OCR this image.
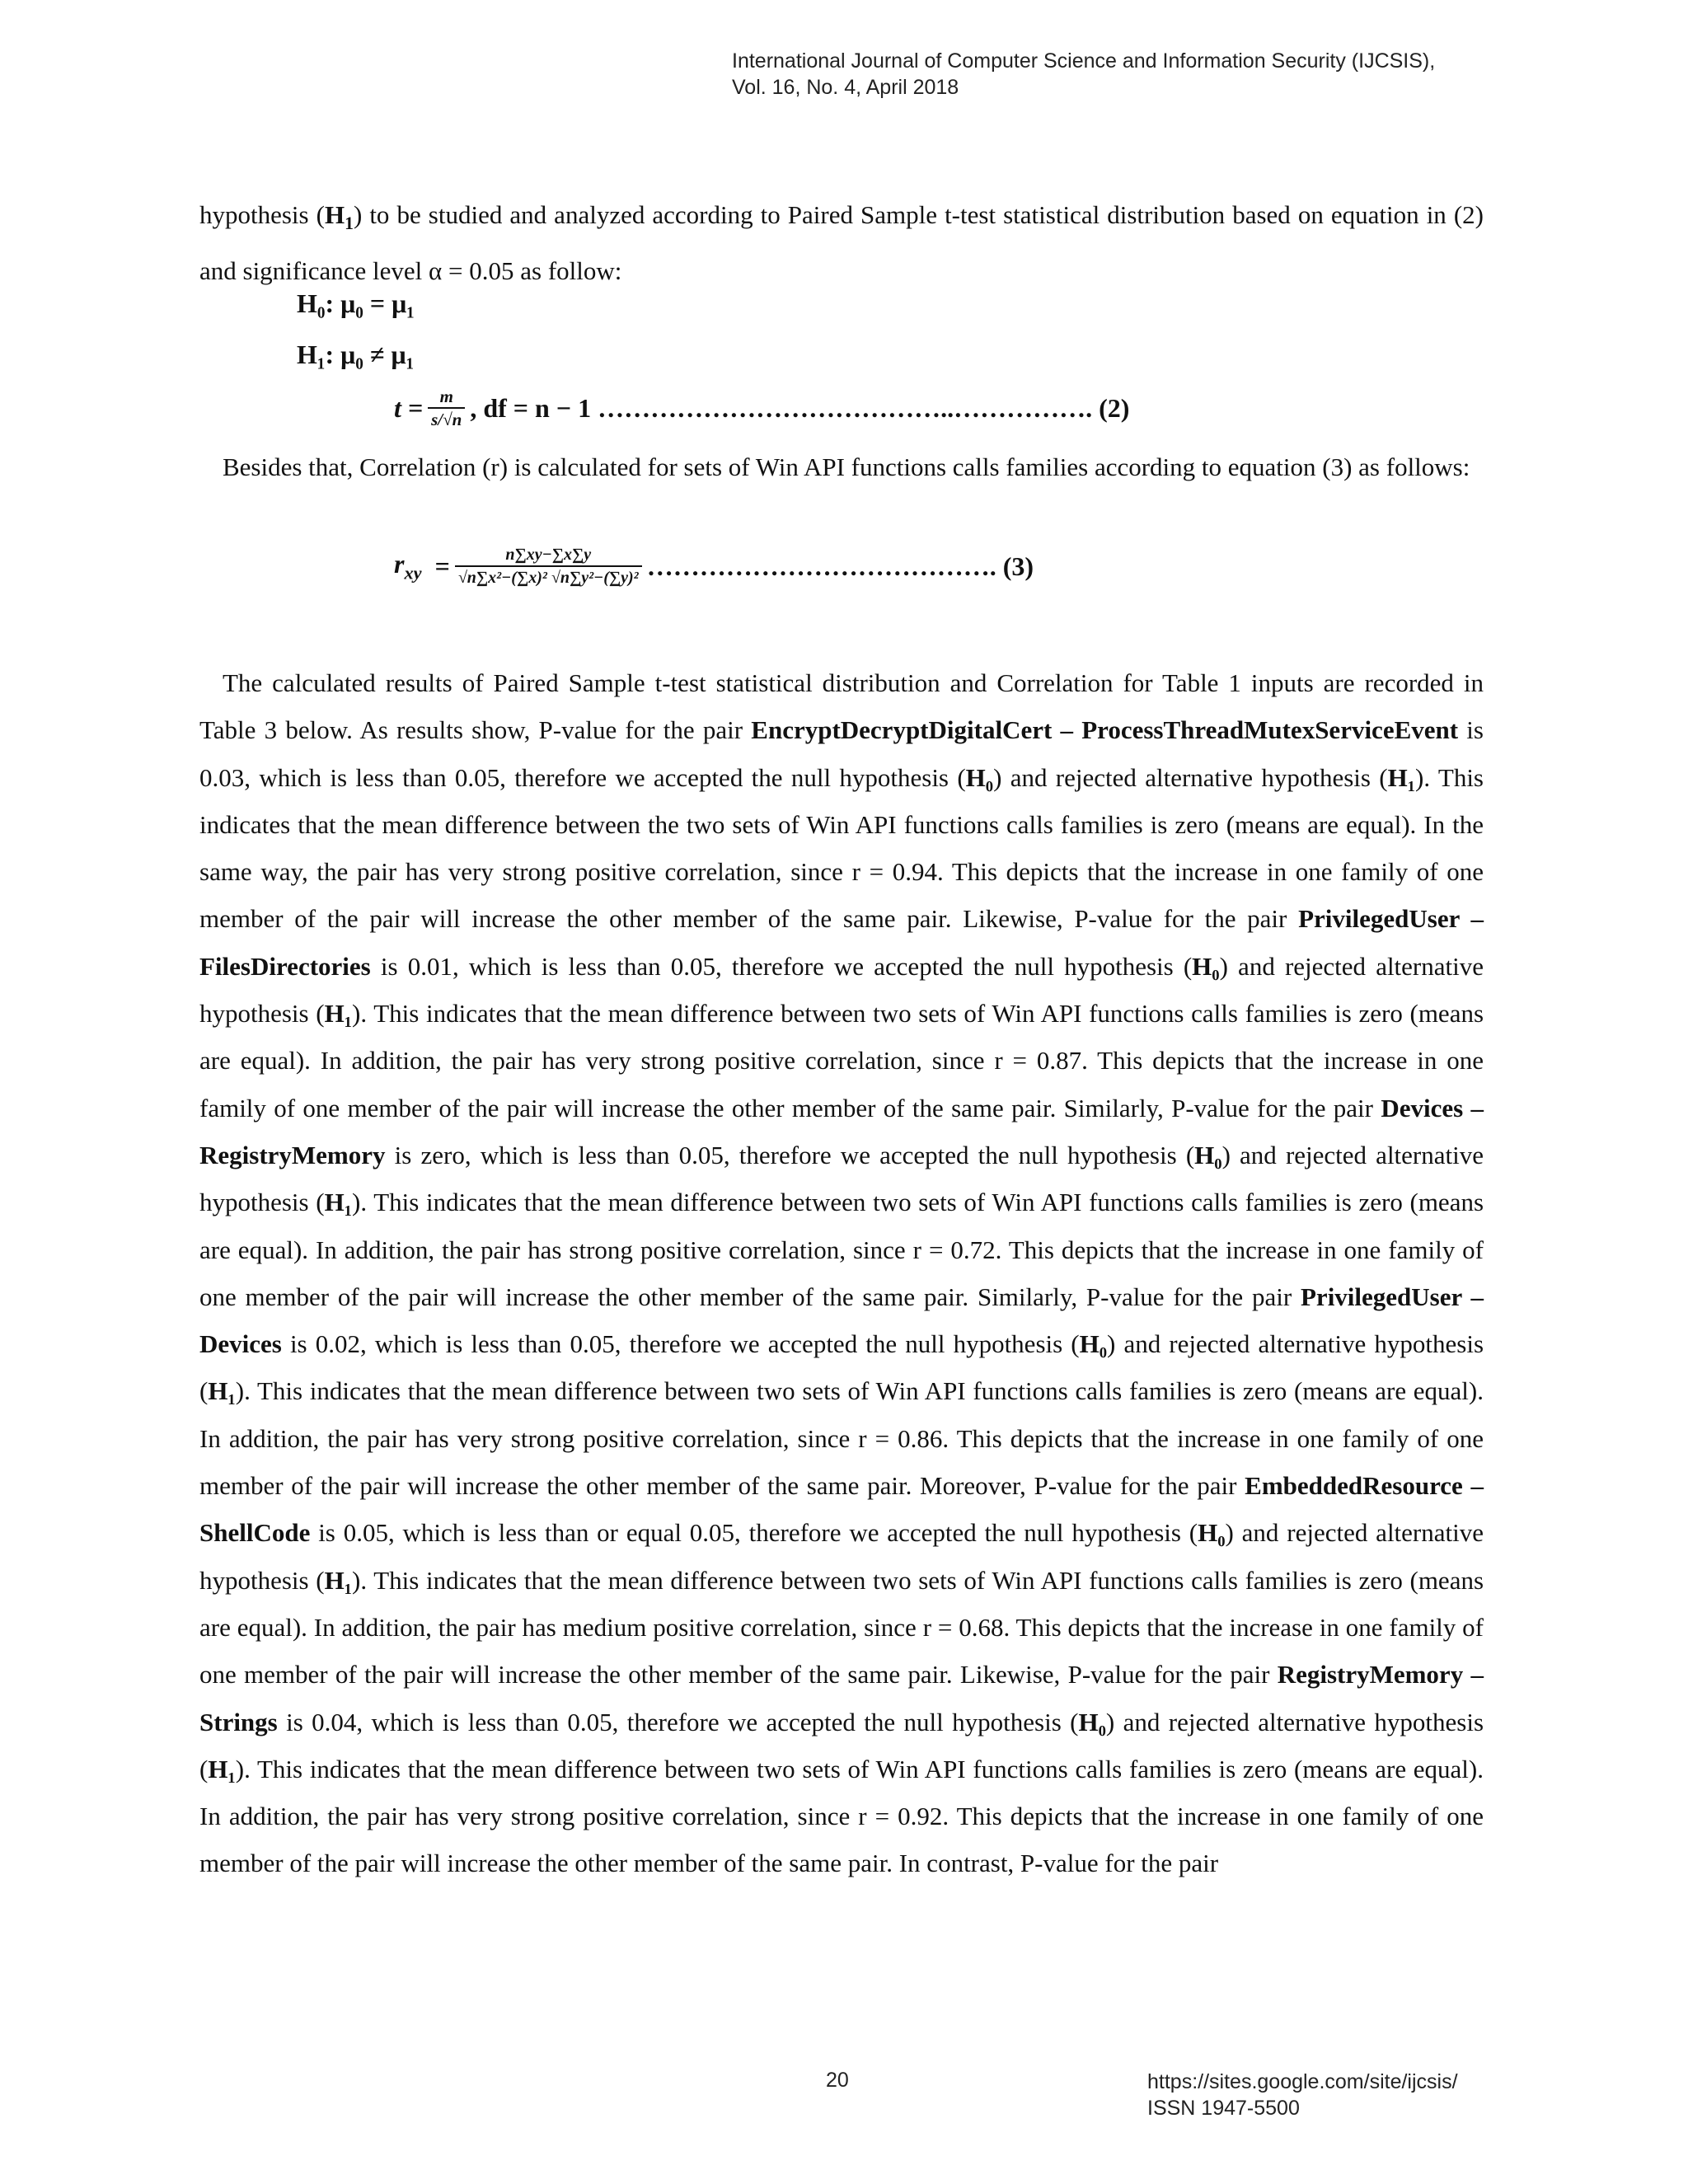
International Journal of Computer Science and Information Security (IJCSIS),
Vol. 16, No. 4, April 2018

hypothesis $(H_1)$ to be studied and analyzed according to Paired Sample t-test statistical distribution based on equation in (2) and significance level α = 0.05 as follow:

H₀: μ₀ = μ₁
H₁: μ₀ ≠ μ₁
$t = \frac{m}{s/√n}$ , df = n − 1 …………………………………..……………. (2)

Besides that, Correlation (r) is calculated for sets of Win API functions calls families according to equation (3) as follows:

$r_{xy} = \frac{n\sum xy-\sum x\sum y}{\text{√n∑x²−(∑x)² √n∑y²−(∑y)²}}$ …………………………………. (3)

The calculated results of Paired Sample t-test statistical distribution and Correlation for Table 1 inputs are recorded in Table 3 below. As results show, P-value for the pair EncryptDecryptDigitalCert – ProcessThreadMutexServiceEvent is 0.03, which is less than 0.05, therefore we accepted the null hypothesis (H₀) and rejected alternative hypothesis (H₁). This indicates that the mean difference between the two sets of Win API functions calls families is zero (means are equal). In the same way, the pair has very strong positive correlation, since r = 0.94. This depicts that the increase in one family of one member of the pair will increase the other member of the same pair. Likewise, P-value for the pair PrivilegedUser – FilesDirectories is 0.01, which is less than 0.05, therefore we accepted the null hypothesis (H₀) and rejected alternative hypothesis (H₁). This indicates that the mean difference between two sets of Win API functions calls families is zero (means are equal). In addition, the pair has very strong positive correlation, since r = 0.87. This depicts that the increase in one family of one member of the pair will increase the other member of the same pair. Similarly, P-value for the pair Devices – RegistryMemory is zero, which is less than 0.05, therefore we accepted the null hypothesis (H₀) and rejected alternative hypothesis (H₁). This indicates that the mean difference between two sets of Win API functions calls families is zero (means are equal). In addition, the pair has strong positive correlation, since r = 0.72. This depicts that the increase in one family of one member of the pair will increase the other member of the same pair. Similarly, P-value for the pair PrivilegedUser – Devices is 0.02, which is less than 0.05, therefore we accepted the null hypothesis (H₀) and rejected alternative hypothesis (H₁). This indicates that the mean difference between two sets of Win API functions calls families is zero (means are equal). In addition, the pair has very strong positive correlation, since r = 0.86. This depicts that the increase in one family of one member of the pair will increase the other member of the same pair. Moreover, P-value for the pair EmbeddedResource – ShellCode is 0.05, which is less than or equal 0.05, therefore we accepted the null hypothesis (H₀) and rejected alternative hypothesis (H₁). This indicates that the mean difference between two sets of Win API functions calls families is zero (means are equal). In addition, the pair has medium positive correlation, since r = 0.68. This depicts that the increase in one family of one member of the pair will increase the other member of the same pair. Likewise, P-value for the pair RegistryMemory – Strings is 0.04, which is less than 0.05, therefore we accepted the null hypothesis (H₀) and rejected alternative hypothesis (H₁). This indicates that the mean difference between two sets of Win API functions calls families is zero (means are equal). In addition, the pair has very strong positive correlation, since r = 0.92. This depicts that the increase in one family of one member of the pair will increase the other member of the same pair. In contrast, P-value for the pair

20	https://sites.google.com/site/ijcsis/
ISSN 1947-5500
